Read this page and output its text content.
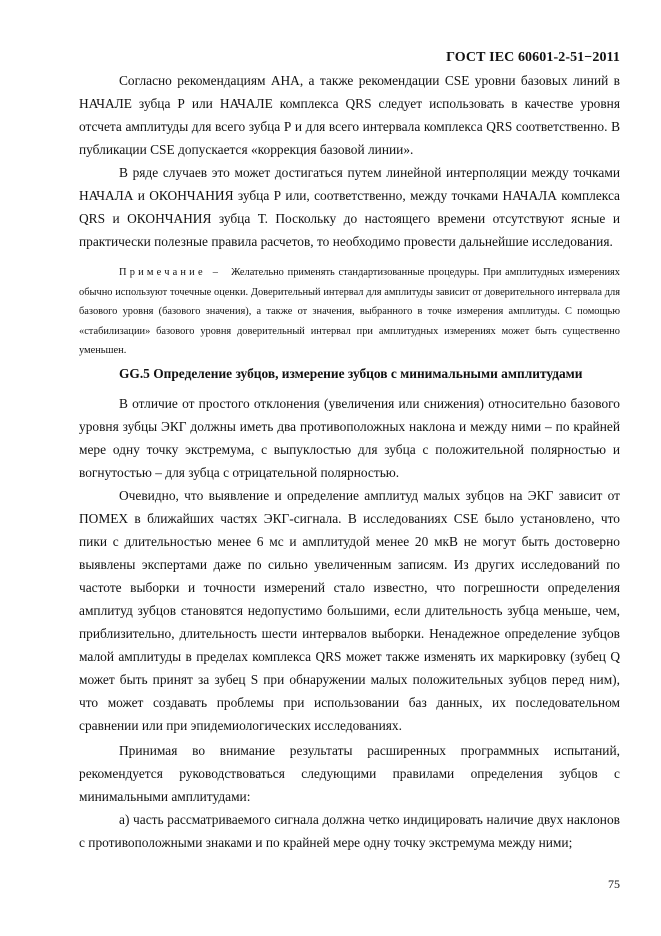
ГОСТ IEC 60601-2-51−2011

Согласно рекомендациям АНА, а также рекомендации CSE уровни базовых линий в НАЧАЛЕ зубца Р или НАЧАЛЕ комплекса QRS следует использовать в качестве уровня отсчета амплитуды для всего зубца Р и для всего интервала комплекса QRS соответственно. В публикации CSE допускается «коррекция базовой линии».

В ряде случаев это может достигаться путем линейной интерполяции между точками НАЧАЛА и ОКОНЧАНИЯ зубца Р или, соответственно, между точками НАЧАЛА комплекса QRS и ОКОНЧАНИЯ зубца Т. Поскольку до настоящего времени отсутствуют ясные и практически полезные правила расчетов, то необходимо провести дальнейшие исследования.

Примечание – Желательно применять стандартизованные процедуры. При амплитудных измерениях обычно используют точечные оценки. Доверительный интервал для амплитуды зависит от доверительного интервала для базового уровня (базового значения), а также от значения, выбранного в точке измерения амплитуды. С помощью «стабилизации» базового уровня доверительный интервал при амплитудных измерениях может быть существенно уменьшен.
GG.5 Определение зубцов, измерение зубцов с минимальными амплитудами

В отличие от простого отклонения (увеличения или снижения) относительно базового уровня зубцы ЭКГ должны иметь два противоположных наклона и между ними – по крайней мере одну точку экстремума, с выпуклостью для зубца с положительной полярностью и вогнутостью – для зубца с отрицательной полярностью.

Очевидно, что выявление и определение амплитуд малых зубцов на ЭКГ зависит от ПОМЕХ в ближайших частях ЭКГ-сигнала. В исследованиях CSE было установлено, что пики с длительностью менее 6 мс и амплитудой менее 20 мкВ не могут быть достоверно выявлены экспертами даже по сильно увеличенным записям. Из других исследований по частоте выборки и точности измерений стало известно, что погрешности определения амплитуд зубцов становятся недопустимо большими, если длительность зубца меньше, чем, приблизительно, длительность шести интервалов выборки. Ненадежное определение зубцов малой амплитуды в пределах комплекса QRS может также изменять их маркировку (зубец Q может быть принят за зубец S при обнаружении малых положительных зубцов перед ним), что может создавать проблемы при использовании баз данных, их последовательном сравнении или при эпидемиологических исследованиях.

Принимая во внимание результаты расширенных программных испытаний, рекомендуется руководствоваться следующими правилами определения зубцов с минимальными амплитудами:

а) часть рассматриваемого сигнала должна четко индицировать наличие двух наклонов с противоположными знаками и по крайней мере одну точку экстремума между ними;

75
